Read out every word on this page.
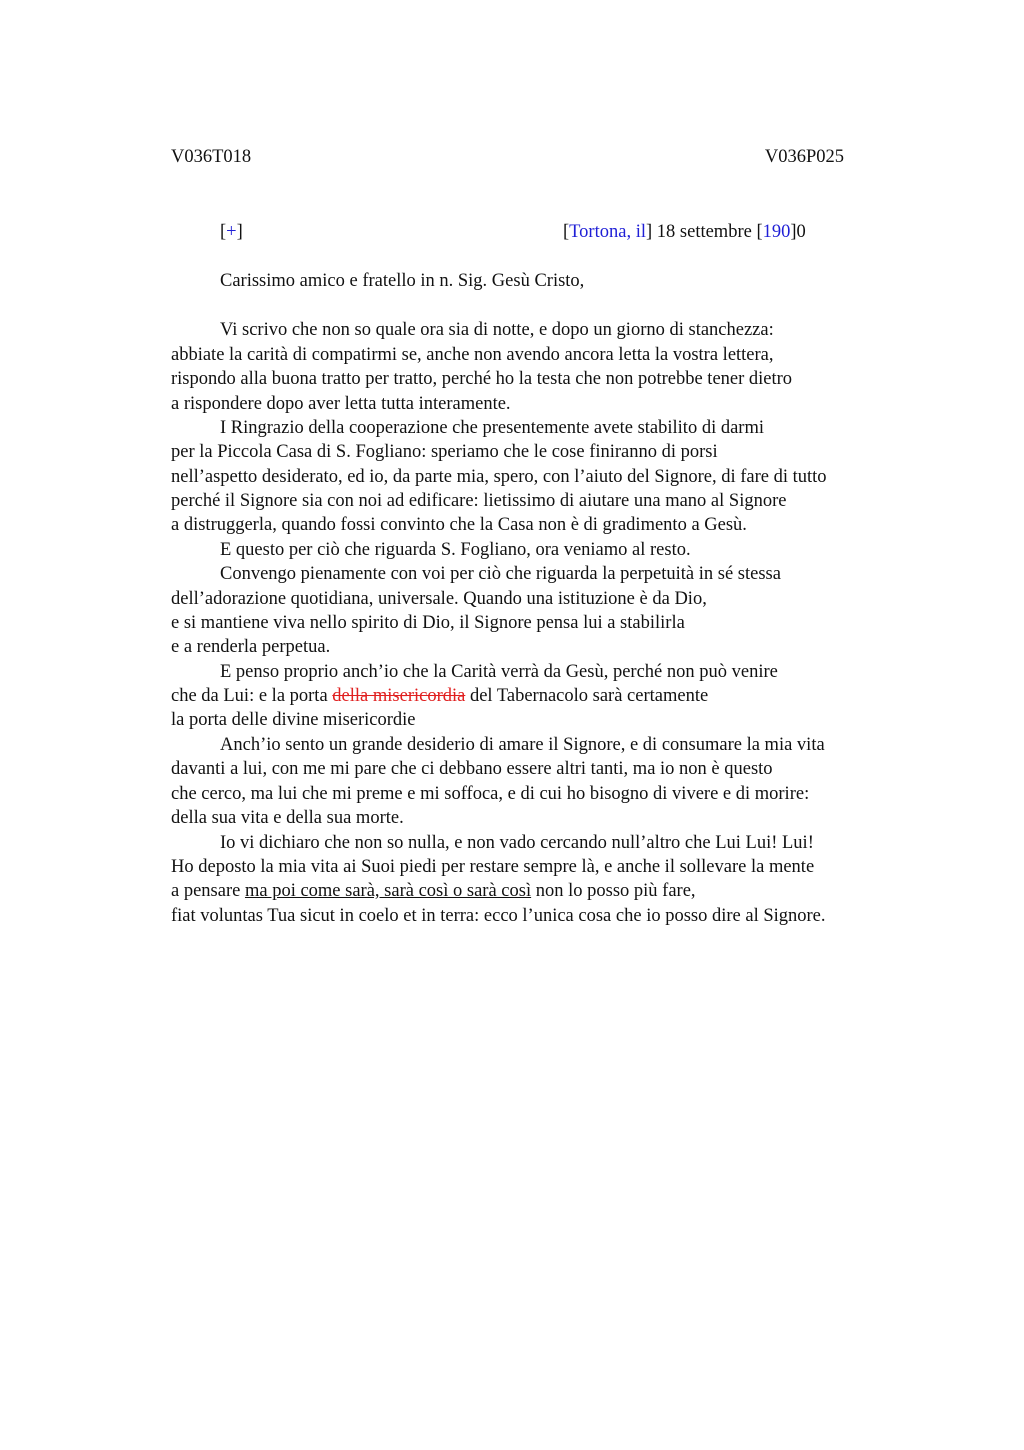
V036T018	V036P025
[+]	[Tortona, il] 18 settembre [190]0
Carissimo amico e fratello in n. Sig. Gesù Cristo,
Vi scrivo che non so quale ora sia di notte, e dopo un giorno di stanchezza:
abbiate la carità di compatirmi se, anche non avendo ancora letta la vostra lettera,
rispondo alla buona tratto per tratto, perché ho la testa che non potrebbe tener dietro
a rispondere dopo aver letta tutta interamente.
I Ringrazio della cooperazione che presentemente avete stabilito di darmi
per la Piccola Casa di S. Fogliano: speriamo che le cose finiranno di porsi
nell’aspetto desiderato, ed io, da parte mia, spero, con l’aiuto del Signore, di fare di tutto
perché il Signore sia con noi ad edificare: lietissimo di aiutare una mano al Signore
a distruggerla, quando fossi convinto che la Casa non è di gradimento a Gesù.
E questo per ciò che riguarda S. Fogliano, ora veniamo al resto.
Convengo pienamente con voi per ciò che riguarda la perpetuità in sé stessa
dell’adorazione quotidiana, universale. Quando una istituzione è da Dio,
e si mantiene viva nello spirito di Dio, il Signore pensa lui a stabilirla
e a renderla perpetua.
E penso proprio anch’io che la Carità verrà da Gesù, perché non può venire
che da Lui: e la porta della misericordia del Tabernacolo sarà certamente
la porta delle divine misericordie
Anch’io sento un grande desiderio di amare il Signore, e di consumare la mia vita
davanti a lui, con me mi pare che ci debbano essere altri tanti, ma io non è questo
che cerco, ma lui che mi preme e mi soffoca, e di cui ho bisogno di vivere e di morire:
della sua vita e della sua morte.
Io vi dichiaro che non so nulla, e non vado cercando null’altro che Lui Lui! Lui!
Ho deposto la mia vita ai Suoi piedi per restare sempre là, e anche il sollevare la mente
a pensare ma poi come sarà, sarà così o sarà così non lo posso più fare,
fiat voluntas Tua sicut in coelo et in terra: ecco l’unica cosa che io posso dire al Signore.
